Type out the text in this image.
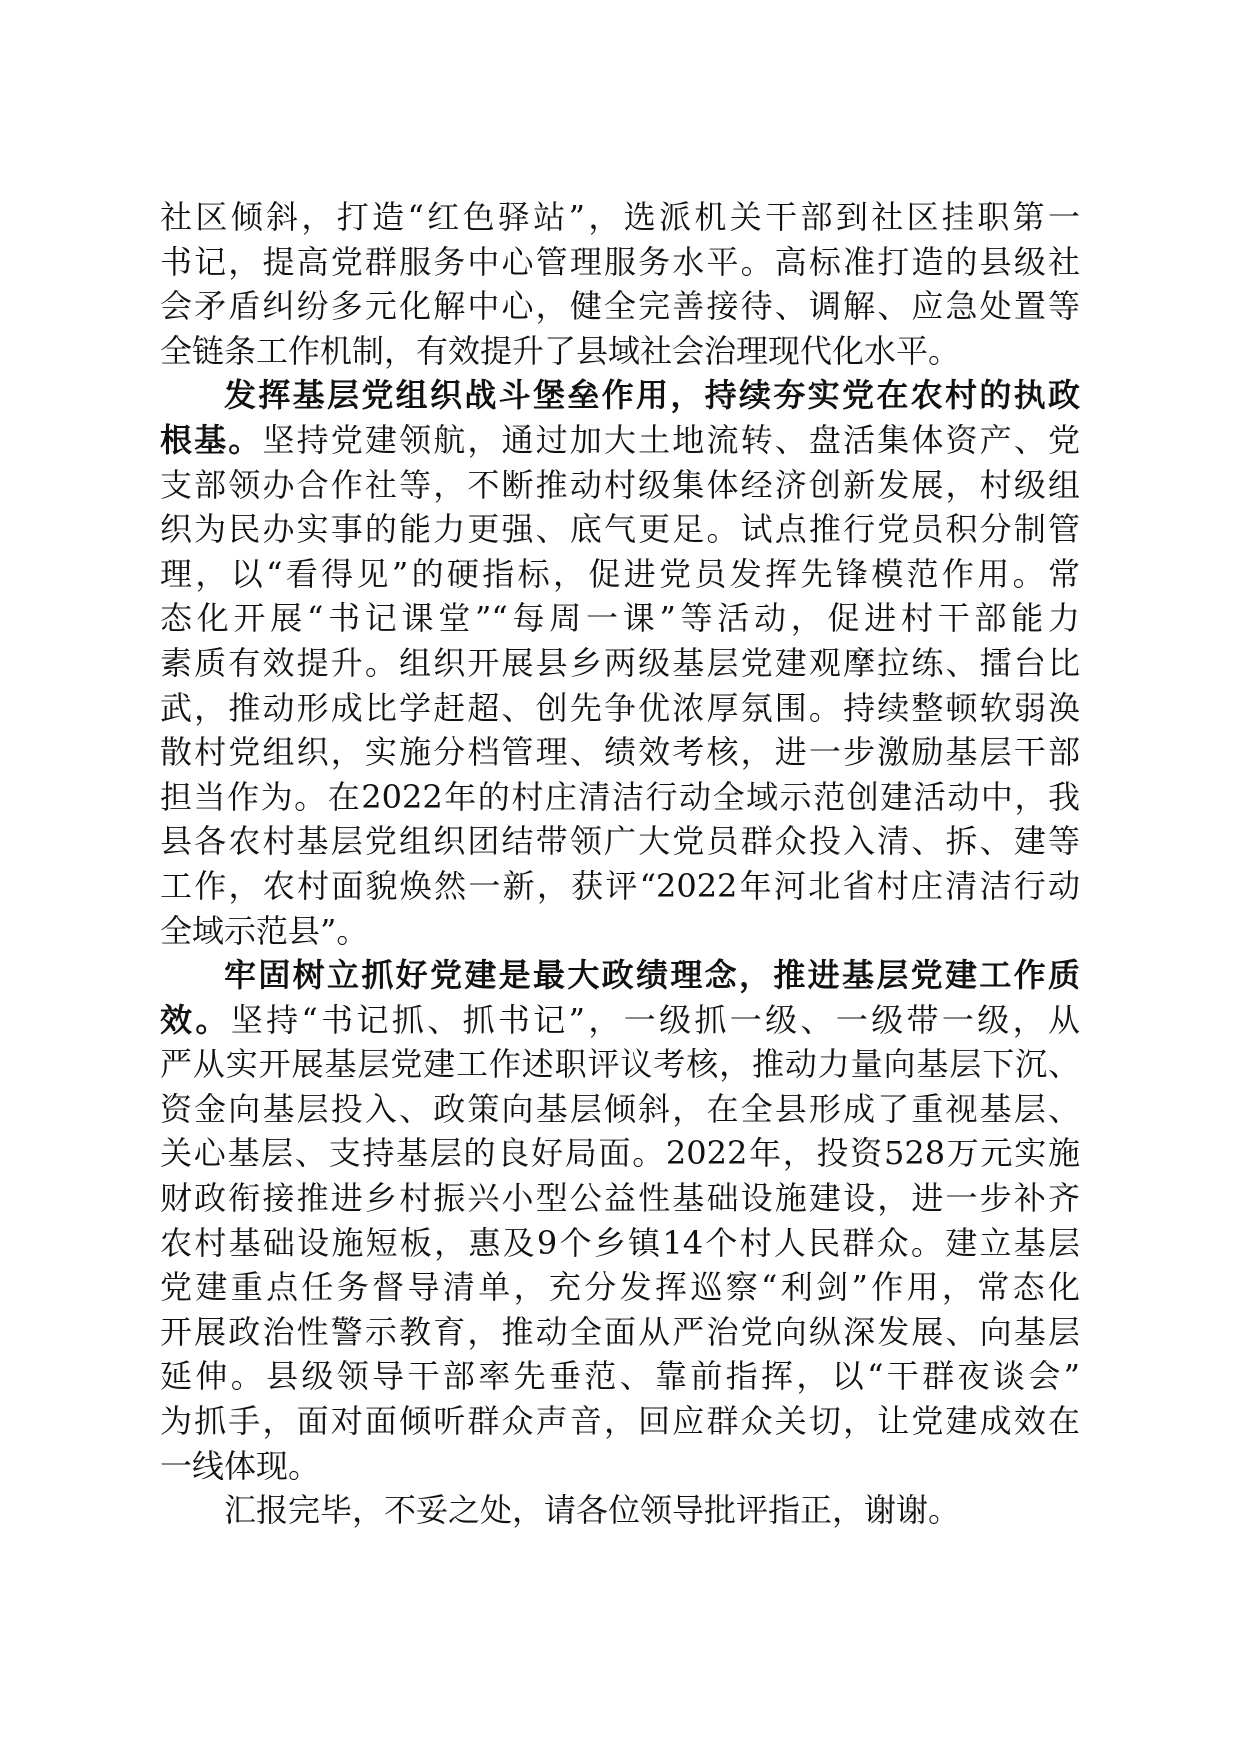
社区倾斜，打造“红色驿站”，选派机关干部到社区挂职第一
书记，提高党群服务中心管理服务水平。高标准打造的县级社
会矛盾纠纷多元化解中心，健全完善接待、调解、应急处置等
全链条工作机制，有效提升了县域社会治理现代化水平。
发挥基层党组织战斗堡垒作用，持续夯实党在农村的执政
根基。坚持党建领航，通过加大土地流转、盘活集体资产、党
支部领办合作社等，不断推动村级集体经济创新发展，村级组
织为民办实事的能力更强、底气更足。试点推行党员积分制管
理，以“看得见”的硬指标，促进党员发挥先锋模范作用。常
态化开展“书记课堂”“每周一课”等活动，促进村干部能力
素质有效提升。组织开展县乡两级基层党建观摩拉练、擂台比
武，推动形成比学赶超、创先争优浓厚氛围。持续整顿软弱涣
散村党组织，实施分档管理、绩效考核，进一步激励基层干部
担当作为。在2022年的村庄清洁行动全域示范创建活动中，我
县各农村基层党组织团结带领广大党员群众投入清、拆、建等
工作，农村面貌焕然一新，获评“2022年河北省村庄清洁行动
全域示范县”。
牢固树立抓好党建是最大政绩理念，推进基层党建工作质
效。坚持“书记抓、抓书记”，一级抓一级、一级带一级，从
严从实开展基层党建工作述职评议考核，推动力量向基层下沉、
资金向基层投入、政策向基层倾斜，在全县形成了重视基层、
关心基层、支持基层的良好局面。2022年，投资528万元实施
财政衔接推进乡村振兴小型公益性基础设施建设，进一步补齐
农村基础设施短板，惠及9个乡镇14个村人民群众。建立基层
党建重点任务督导清单，充分发挥巡察“利剑”作用，常态化
开展政治性警示教育，推动全面从严治党向纵深发展、向基层
延伸。县级领导干部率先垂范、靠前指挥，以“干群夜谈会”
为抓手，面对面倾听群众声音，回应群众关切，让党建成效在
一线体现。
汇报完毕，不妥之处，请各位领导批评指正，谢谢。
